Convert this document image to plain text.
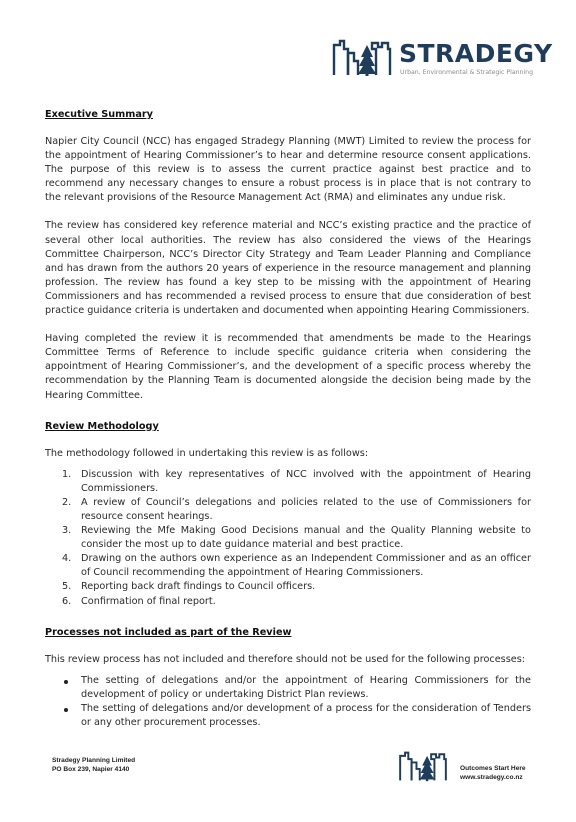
STRADEGY
Urban, Environmental & Strategic Planning
Executive Summary

Napier City Council (NCC) has engaged Stradegy Planning (MWT) Limited to review the process for the appointment of Hearing Commissioner’s to hear and determine resource consent applications. The purpose of this review is to assess the current practice against best practice and to recommend any necessary changes to ensure a robust process is in place that is not contrary to the relevant provisions of the Resource Management Act (RMA) and eliminates any undue risk.

The review has considered key reference material and NCC’s existing practice and the practice of several other local authorities. The review has also considered the views of the Hearings Committee Chairperson, NCC’s Director City Strategy and Team Leader Planning and Compliance and has drawn from the authors 20 years of experience in the resource management and planning profession. The review has found a key step to be missing with the appointment of Hearing Commissioners and has recommended a revised process to ensure that due consideration of best practice guidance criteria is undertaken and documented when appointing Hearing Commissioners.

Having completed the review it is recommended that amendments be made to the Hearings Committee Terms of Reference to include specific guidance criteria when considering the appointment of Hearing Commissioner’s, and the development of a specific process whereby the recommendation by the Planning Team is documented alongside the decision being made by the Hearing Committee.

Review Methodology

The methodology followed in undertaking this review is as follows:

1. Discussion with key representatives of NCC involved with the appointment of Hearing Commissioners.
2. A review of Council’s delegations and policies related to the use of Commissioners for resource consent hearings.
3. Reviewing the Mfe Making Good Decisions manual and the Quality Planning website to consider the most up to date guidance material and best practice.
4. Drawing on the authors own experience as an Independent Commissioner and as an officer of Council recommending the appointment of Hearing Commissioners.
5. Reporting back draft findings to Council officers.
6. Confirmation of final report.
Processes not included as part of the Review

This review process has not included and therefore should not be used for the following processes:

The setting of delegations and/or the appointment of Hearing Commissioners for the development of policy or undertaking District Plan reviews.
The setting of delegations and/or development of a process for the consideration of Tenders or any other procurement processes.
Stradegy Planning Limited
PO Box 239, Napier 4140	Outcomes Start Here
www.stradegy.co.nz
